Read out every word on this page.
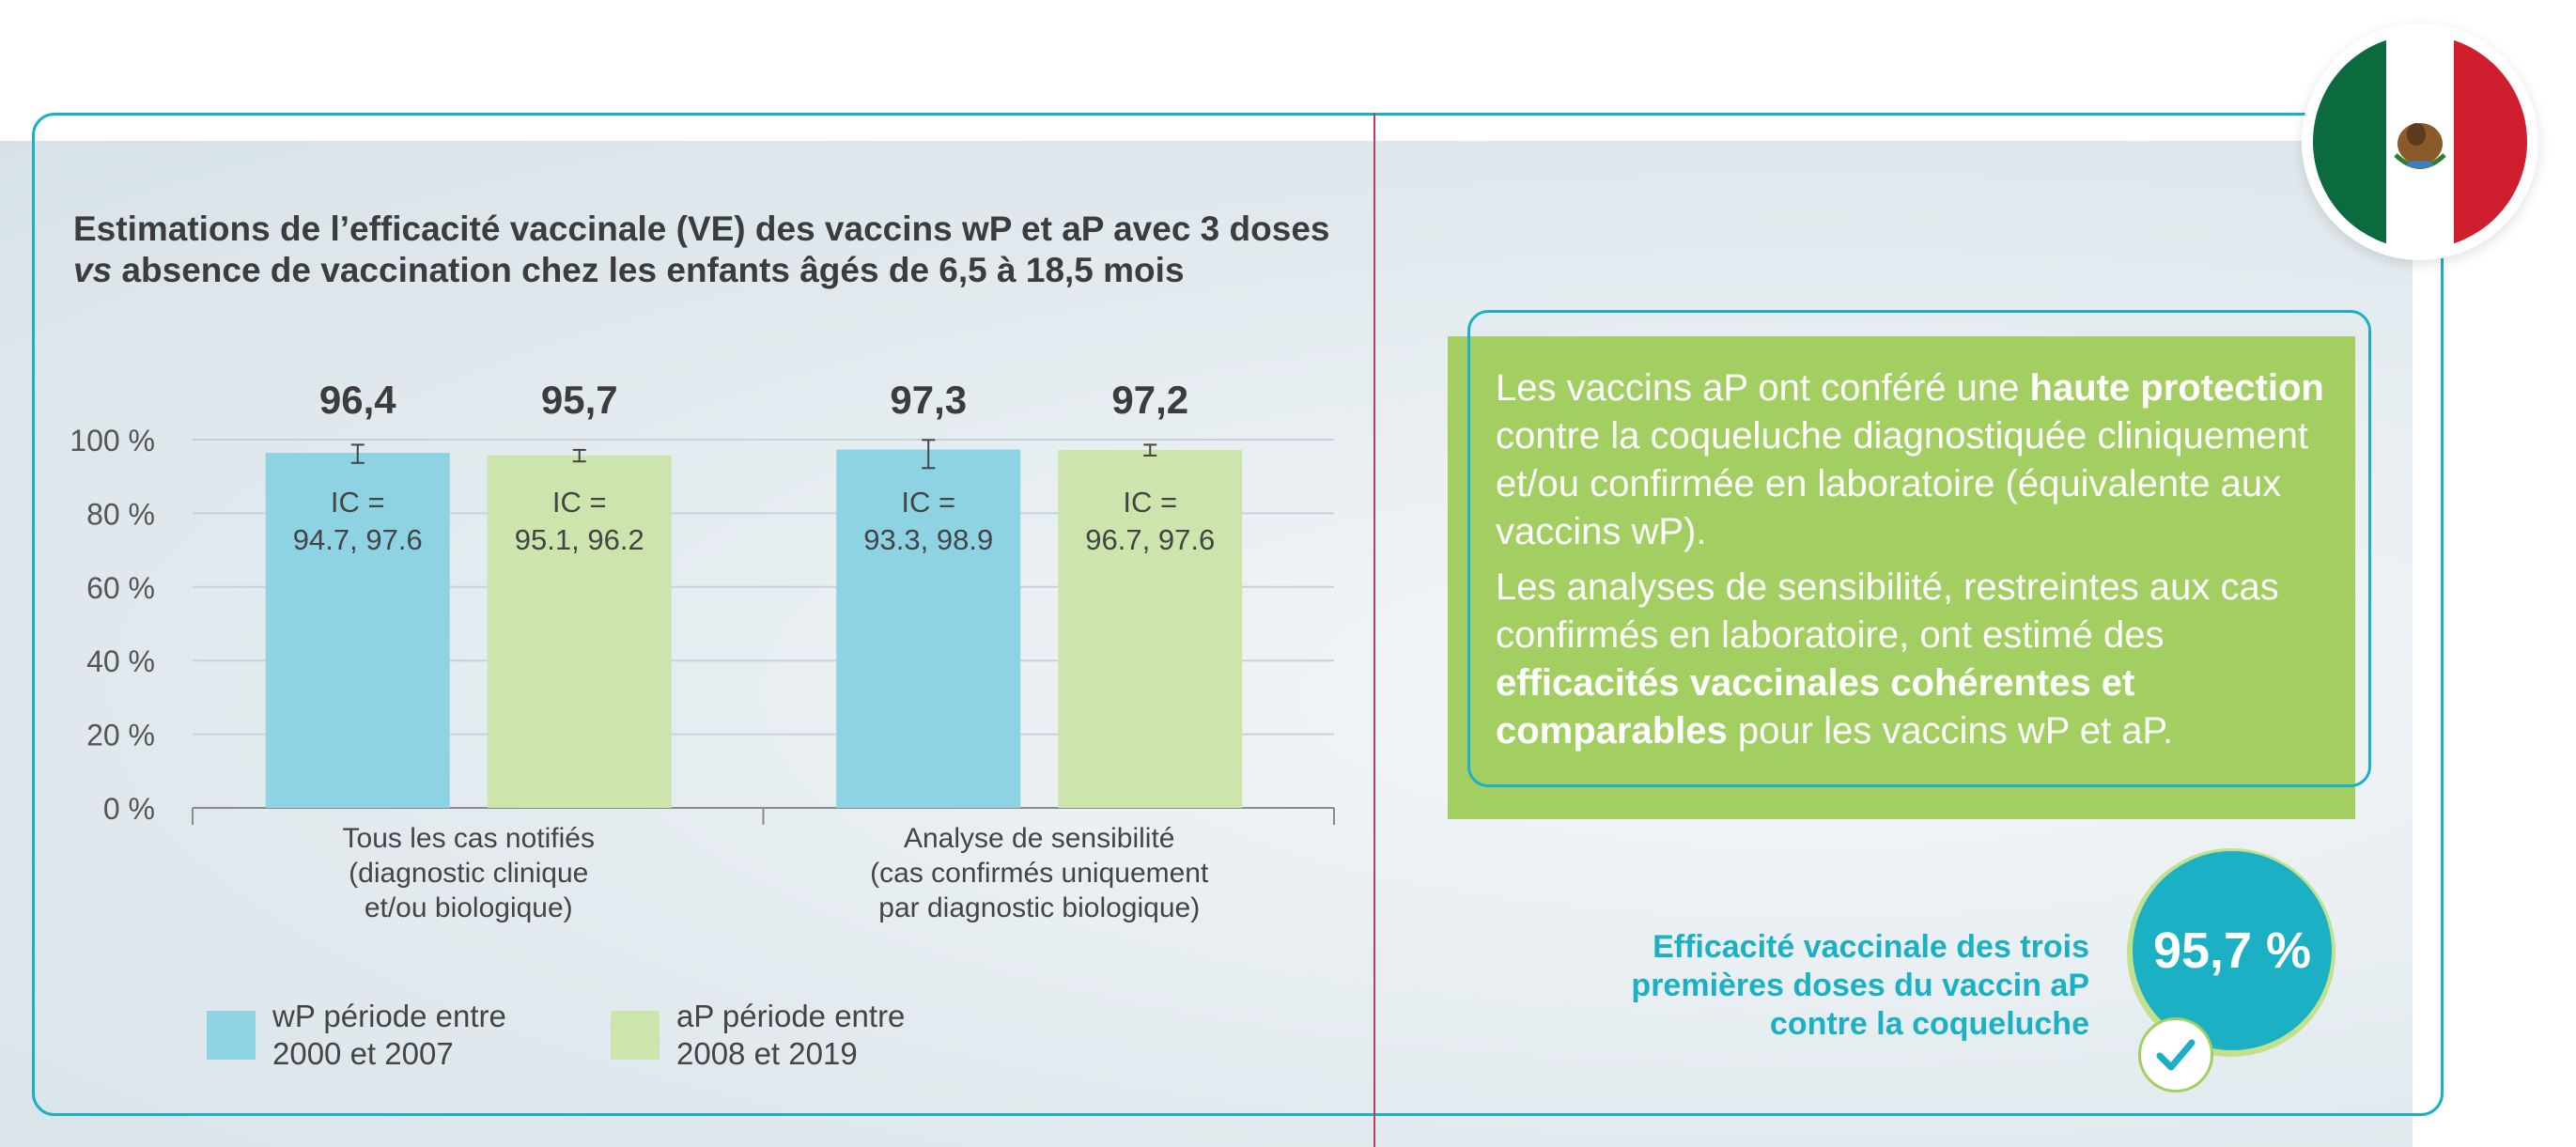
Estimations de l’efficacité vaccinale (VE) des vaccins wP et aP avec 3 doses
vs absence de vaccination chez les enfants âgés de 6,5 à 18,5 mois
0 %
20 %
40 %
60 %
80 %
100 %
96,4
IC =
94.7, 97.6
95,7
IC =
95.1, 96.2
Tous les cas notifiés
(diagnostic clinique
et/ou biologique)
97,3
IC =
93.3, 98.9
97,2
IC =
96.7, 97.6
Analyse de sensibilité
(cas confirmés uniquement
par diagnostic biologique)
wP période entre
2000 et 2007
aP période entre
2008 et 2019

Les vaccins aP ont conféré une haute protection contre la coqueluche diagnostiquée cliniquement et/ou confirmée en laboratoire (équivalente aux vaccins wP).

Les analyses de sensibilité, restreintes aux cas confirmés en laboratoire, ont estimé des efficacités vaccinales cohérentes et comparables pour les vaccins wP et aP.

Efficacité vaccinale des trois
premières doses du vaccin aP
contre la coqueluche
95,7 %
